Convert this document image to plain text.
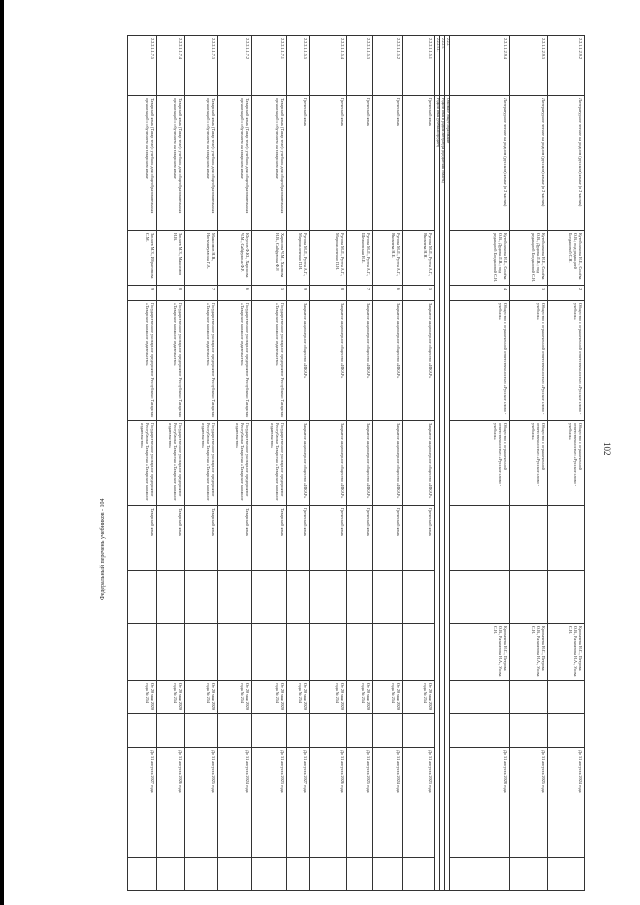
Федеральный перечень учебников - 104
102
2.2.1.1.2.9.2	Литературное чтение на родном (русском) языке (в 2 частях)	Кутейникова Н.Е., Синёва О.В.; под редакцией Богдановой С.Н.	2	Общество с ограниченной ответственностью «Русское слово - учебник»	Общество с ограниченной ответственностью «Русское слово - учебник»			Кропачева Н.С., Петрова О.В., Разагатова Н.А., Усова С.Н.			До 31 августа 2024 года	
2.2.1.1.2.9.3	Литературное чтение на родном (русском) языке (в 2 частях)	Кутейникова Н.Е., Синёва О.В., Дудова Л.В.; под редакцией Богдановой С.Н.	3	Общество с ограниченной ответственностью «Русское слово - учебник»	Общество с ограниченной ответственностью «Русское слово - учебник»			Кропачева Н.С., Петрова О.В., Разагатова Н.А., Усова С.Н.			До 31 августа 2025 года	
2.2.1.1.2.9.4	Литературное чтение на родном (русском) языке (в 2 частях)	Кутейникова Н.Е., Синёва О.В., Дудова Л.В.; под редакцией Богдановой С.Н.	4	Общество с ограниченной ответственностью «Русское слово - учебник»	Общество с ограниченной ответственностью «Русское слово - учебник»			Кропачева Н.С., Петрова О.В., Разагатова Н.А., Усова С.Н.			До 31 августа 2028 года	
2.2.2.	Основное общее образование											
2.2.2.1.	Родной язык и родная литература (предметная область)											
2.2.2.1.1.	Родной язык (учебный предмет)											
2.2.2.1.1.5.1	Греческий язык	Ругова М.Л., Рутта А.Г., Яковлева Н.Н.	5	Закрытое акционерное общество «ИКАР»	Закрытое акционерное общество «ИКАР»	Греческий язык			От 20 мая 2020 года № 254		До 31 августа 2023 года	
2.2.2.1.1.5.2	Греческий язык	Ругова М.Л., Рутта А.Г., Яковлева Н.Е.	6	Закрытое акционерное общество «ИКАР»	Закрытое акционерное общество «ИКАР»	Греческий язык			От 20 мая 2020 года № 254		До 31 августа 2024 года	
2.2.2.1.1.5.3	Греческий язык	Ругова М.Л., Рутта А.Г., Шелковская Н.Е.	7	Закрытое акционерное общество «ИКАР»	Закрытое акционерное общество «ИКАР»	Греческий язык			От 20 мая 2020 года № 254		До 31 августа 2025 года	
2.2.2.1.1.5.4	Греческий язык	Ругова М.Л., Рутта А.Г., Мирошниченко П.Н.	8	Закрытое акционерное общество «ИКАР»	Закрытое акционерное общество «ИКАР»	Греческий язык			От 20 мая 2020 года № 254		До 31 августа 2026 года	
2.2.2.1.1.5.5	Греческий язык	Ругова М.Л., Рутта А.Г., Мирошниченко П.Н.	9	Закрытое акционерное общество «ИКАР»	Закрытое акционерное общество «ИКАР»	Греческий язык			От 20 мая 2020 года № 254		До 31 августа 2027 года	
2.2.2.1.1.7.1	Татарский язык (Татар теле): учебник для общеобразовательных организаций с обучением на татарском языке	Харисова Ч.М., Ханмова Н.В., Сайфулина Ф.Р.	5	Государственное унитарное предприятие Республики Татарстан «Татарское книжное издательство»	Государственное унитарное предприятие Республики Татарстан «Татарское книжное издательство»	Татарский язык			От 20 мая 2020 года № 254		До 31 августа 2023 года	
2.2.2.1.1.7.2	Татарский язык (Татар теле): учебник для общеобразовательных организаций с обучением на татарском языке	Юсупов Ф.Ю., Харисова Ч.М., Сайфулина Ф.Р.	6	Государственное унитарное предприятие Республики Татарстан «Татарское книжное издательство»	Государственное унитарное предприятие Республики Татарстан «Татарское книжное издательство»	Татарский язык			От 20 мая 2020 года № 254		До 31 августа 2024 года	
2.2.2.1.1.7.3	Татарский язык (Татар теле): учебник для общеобразовательных организаций с обучением на татарском языке	Максимов Н.В., Нигъматуллина Г.А.	7	Государственное унитарное предприятие Республики Татарстан «Татарское книжное издательство»	Государственное унитарное предприятие Республики Татарстан «Татарское книжное издательство»	Татарский язык			От 20 мая 2020 года № 254		До 31 августа 2025 года	
2.2.2.1.1.7.4	Татарский язык (Татар теле): учебник для общеобразовательных организаций с обучением на татарском языке	Зиннев М.З., Максимов Н.В.	8	Государственное унитарное предприятие Республики Татарстан «Татарское книжное издательство»	Государственное унитарное предприятие Республики Татарстан «Татарское книжное издательство»	Татарский язык			От 20 мая 2020 года № 254		До 31 августа 2026 года	
2.2.2.1.1.7.5	Татарский язык (Татар теле): учебник для общеобразовательных организаций с обучением на татарском языке	Зиннев М.З., Ибрагимова С.М.	9	Государственное унитарное предприятие Республики Татарстан «Татарское книжное издательство»	Государственное унитарное предприятие Республики Татарстан «Татарское книжное издательство»	Татарский язык			От 20 мая 2020 года № 254		До 31 августа 2027 года	
